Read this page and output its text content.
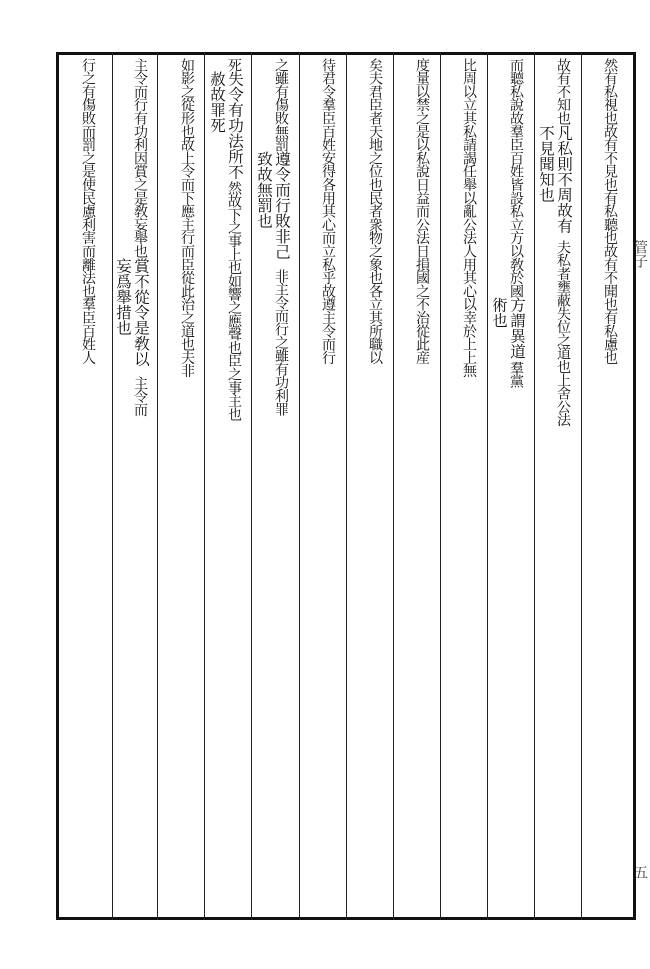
然有私視也故有不見也有私聽也故有不聞也有私慮也
故有不知也
凡私則不周故有不見聞知也
夫私者壅蔽失位之道也上舍公法
而聽私說故羣臣百姓皆設私立方以敎於國
方謂異道術也
羣黨
比周以立其私請謁任舉以亂公法人用其心以幸於上上無
度量以禁之是以私說日益而公法日損國之不治從此産
矣夫君臣者天地之位也民者衆物之象也各立其所職以
待君令羣臣百姓安得各用其心而立私乎故遵主令而行
之雖有傷敗無罰
遵令而行敗非己致故無罰也
非主令而行之雖有功利罪
死
失令有功法所不赦故罪死
然故下之事上也如響之應聲也臣之事主也
如影之從形也故上令而下應主行而臣從此治之道也夫非
主令而行有功利因賞之是敎妄舉也
賞不從令是敎以妄爲舉措也
主令而
行之有傷敗而罰之是使民慮利害而離法也羣臣百姓人	管子
五
